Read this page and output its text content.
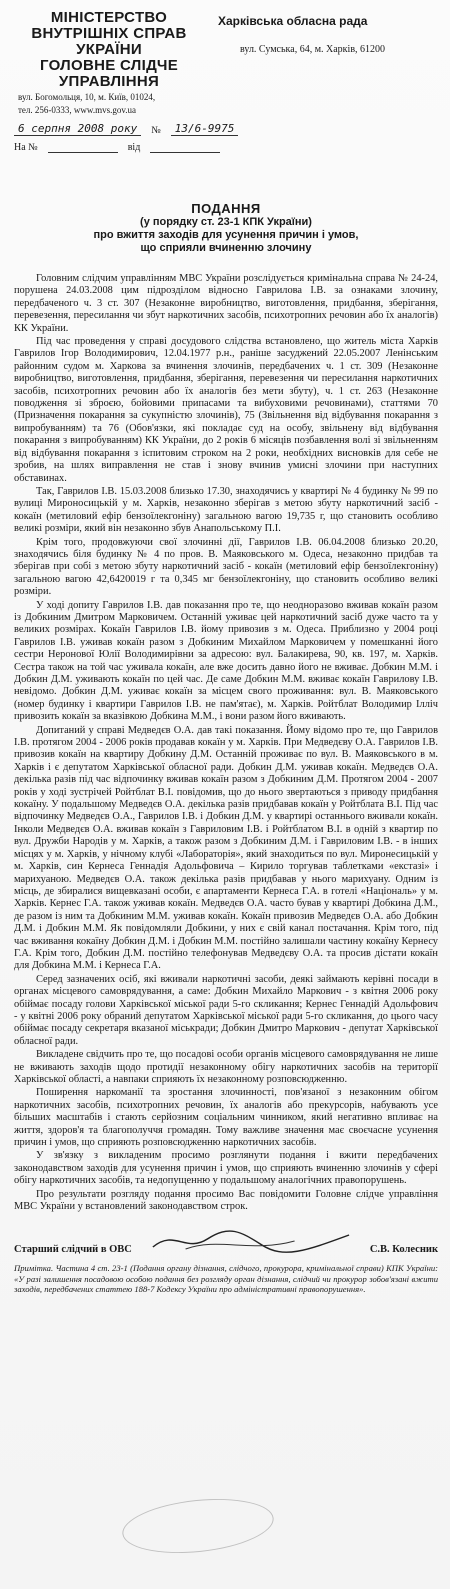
МІНІСТЕРСТВО
ВНУТРІШНІХ СПРАВ
УКРАЇНИ
ГОЛОВНЕ СЛІДЧЕ
УПРАВЛІННЯ
вул. Богомольця, 10, м. Київ, 01024,
тел. 256-0333, www.mvs.gov.ua
Харківська обласна рада
вул. Сумська, 64, м. Харків, 61200
6 серпня 2008 року	№	13/6-9975
На №	від
ПОДАННЯ
(у порядку ст. 23-1 КПК України)
про вжиття заходів для усунення причин і умов,
що сприяли вчиненню злочину

Головним слідчим управлінням МВС України розслідується кримінальна справа № 24-24, порушена 24.03.2008 цим підрозділом відносно Гаврилова І.В. за ознаками злочину, передбаченого ч. 3 ст. 307 (Незаконне виробництво, виготовлення, придбання, зберігання, перевезення, пересилання чи збут наркотичних засобів, психотропних речовин або їх аналогів) КК України.

Під час проведення у справі досудового слідства встановлено, що житель міста Харків Гаврилов Ігор Володимирович, 12.04.1977 р.н., раніше засуджений 22.05.2007 Ленінським районним судом м. Харкова за вчинення злочинів, передбачених ч. 1 ст. 309 (Незаконне виробництво, виготовлення, придбання, зберігання, перевезення чи пересилання наркотичних засобів, психотропних речовин або їх аналогів без мети збуту), ч. 1 ст. 263 (Незаконне поводження зі зброєю, бойовими припасами та вибуховими речовинами), статтями 70 (Призначення покарання за сукупністю злочинів), 75 (Звільнення від відбування покарання з випробуванням) та 76 (Обов'язки, які покладає суд на особу, звільнену від відбування покарання з випробуванням) КК України, до 2 років 6 місяців позбавлення волі зі звільненням від відбування покарання з іспитовим строком на 2 роки, необхідних висновків для себе не зробив, на шлях виправлення не став і знову вчинив умисні злочини при наступних обставинах.

Так, Гаврилов І.В. 15.03.2008 близько 17.30, знаходячись у квартирі № 4 будинку № 99 по вулиці Мироносицькій у м. Харків, незаконно зберігав з метою збуту наркотичний засіб - кокаїн (метиловий ефір бензоїлекгоніну) загальною вагою 19,735 г, що становить особливо великі розміри, який він незаконно збув Анапольському П.І.

Крім того, продовжуючи свої злочинні дії, Гаврилов І.В. 06.04.2008 близько 20.20, знаходячись біля будинку № 4 по пров. В. Маяковського м. Одеса, незаконно придбав та зберігав при собі з метою збуту наркотичний засіб - кокаїн (метиловий ефір бензоїлекгоніну) загальною вагою 42,6420019 г та 0,345 мг бензоїлекгоніну, що становить особливо великі розміри.

У ході допиту Гаврилов І.В. дав показання про те, що неодноразово вживав кокаїн разом із Добкиним Дмитром Марковичем. Останній уживає цей наркотичний засіб дуже часто та у великих розмірах. Кокаїн Гаврилов І.В. йому привозив з м. Одеса. Приблизно у 2004 році Гаврилов І.В. уживав кокаїн разом з Добкиним Михайлом Марковичем у помешканні його сестри Неронової Юлії Володимирівни за адресою: вул. Балакирева, 90, кв. 197, м. Харків. Сестра також на той час уживала кокаїн, але вже досить давно його не вживає. Добкин М.М. і Добкин Д.М. уживають кокаїн по цей час. Де саме Добкин М.М. вживає кокаїн Гаврилову І.В. невідомо. Добкин Д.М. уживає кокаїн за місцем свого проживання: вул. В. Маяковського (номер будинку і квартири Гаврилов І.В. не пам'ятає), м. Харків. Ройтблат Володимир Ілліч привозить кокаїн за вказівкою Добкина М.М., і вони разом його вживають.

Допитаний у справі Медведєв О.А. дав такі показання. Йому відомо про те, що Гаврилов І.В. протягом 2004 - 2006 років продавав кокаїн у м. Харків. При Медведєву О.А. Гаврилов І.В. привозив кокаїн на квартиру Добкину Д.М. Останній проживає по вул. В. Маяковського в м. Харків і є депутатом Харківської обласної ради. Добкин Д.М. уживав кокаїн. Медведєв О.А. декілька разів під час відпочинку вживав кокаїн разом з Добкиним Д.М. Протягом 2004 - 2007 років у ході зустрічей Ройтблат В.І. повідомив, що до нього звертаються з приводу придбання кокаїну. У подальшому Медведєв О.А. декілька разів придбавав кокаїн у Ройтблата В.І. Під час відпочинку Медведєв О.А., Гаврилов І.В. і Добкин Д.М. у квартирі останнього вживали кокаїн. Інколи Медведєв О.А. вживав кокаїн з Гавриловим І.В. і Ройтблатом В.І. в одній з квартир по вул. Дружби Народів у м. Харків, а також разом з Добкиним Д.М. і Гавриловим І.В. - в інших місцях у м. Харків, у нічному клубі «Лабораторія», який знаходиться по вул. Миронесицькій у м. Харків, син Кернеса Геннадія Адольфовича – Кирило торгував таблетками «екстазі» і марихуаною. Медведєв О.А. також декілька разів придбавав у нього марихуану. Одним із місць, де збиралися вищевказані особи, є апартаменти Кернеса Г.А. в готелі «Національ» у м. Харків. Кернес Г.А. також уживав кокаїн. Медведєв О.А. часто бував у квартирі Добкина Д.М., де разом із ним та Добкиним М.М. уживав кокаїн. Кокаїн привозив Медведєв О.А. або Добкин Д.М. і Добкин М.М. Як повідомляли Добкини, у них є свій канал постачання. Крім того, під час вживання кокаїну Добкин Д.М. і Добкин М.М. постійно залишали частину кокаїну Кернесу Г.А. Крім того, Добкин Д.М. постійно телефонував Медведєву О.А. та просив дістати кокаїн для Добкина М.М. і Кернеса Г.А.

Серед зазначених осіб, які вживали наркотичні засоби, деякі займають керівні посади в органах місцевого самоврядування, а саме: Добкин Михайло Маркович - з квітня 2006 року обіймає посаду голови Харківської міської ради 5-го скликання; Кернес Геннадій Адольфович - у квітні 2006 року обраний депутатом Харківської міської ради 5-го скликання, до цього часу обіймає посаду секретаря вказаної міськради; Добкин Дмитро Маркович - депутат Харківської обласної ради.

Викладене свідчить про те, що посадові особи органів місцевого самоврядування не лише не вживають заходів щодо протидії незаконному обігу наркотичних засобів на території Харківської області, а навпаки сприяють їх незаконному розповсюдженню.

Поширення наркоманії та зростання злочинності, пов'язаної з незаконним обігом наркотичних засобів, психотропних речовин, їх аналогів або прекурсорів, набувають усе більших масштабів і стають серйозним соціальним чинником, який негативно впливає на життя, здоров'я та благополуччя громадян. Тому важливе значення має своєчасне усунення причин і умов, що сприяють розповсюдженню наркотичних засобів.

У зв'язку з викладеним просимо розглянути подання і вжити передбачених законодавством заходів для усунення причин і умов, що сприяють вчиненню злочинів у сфері обігу наркотичних засобів, та недопущенню у подальшому аналогічних правопорушень.

Про результати розгляду подання просимо Вас повідомити Головне слідче управління МВС України у встановлений законодавством строк.

Старший слідчий в ОВС	С.В. Колесник
Примітка. Частина 4 ст. 23-1 (Подання органу дізнання, слідчого, прокурора, кримінальної справи) КПК України: «У разі залишення посадовою особою подання без розгляду орган дізнання, слідчий чи прокурор зобов'язані вжити заходів, передбачених статтею 188-7 Кодексу України про адміністративні правопорушення».
